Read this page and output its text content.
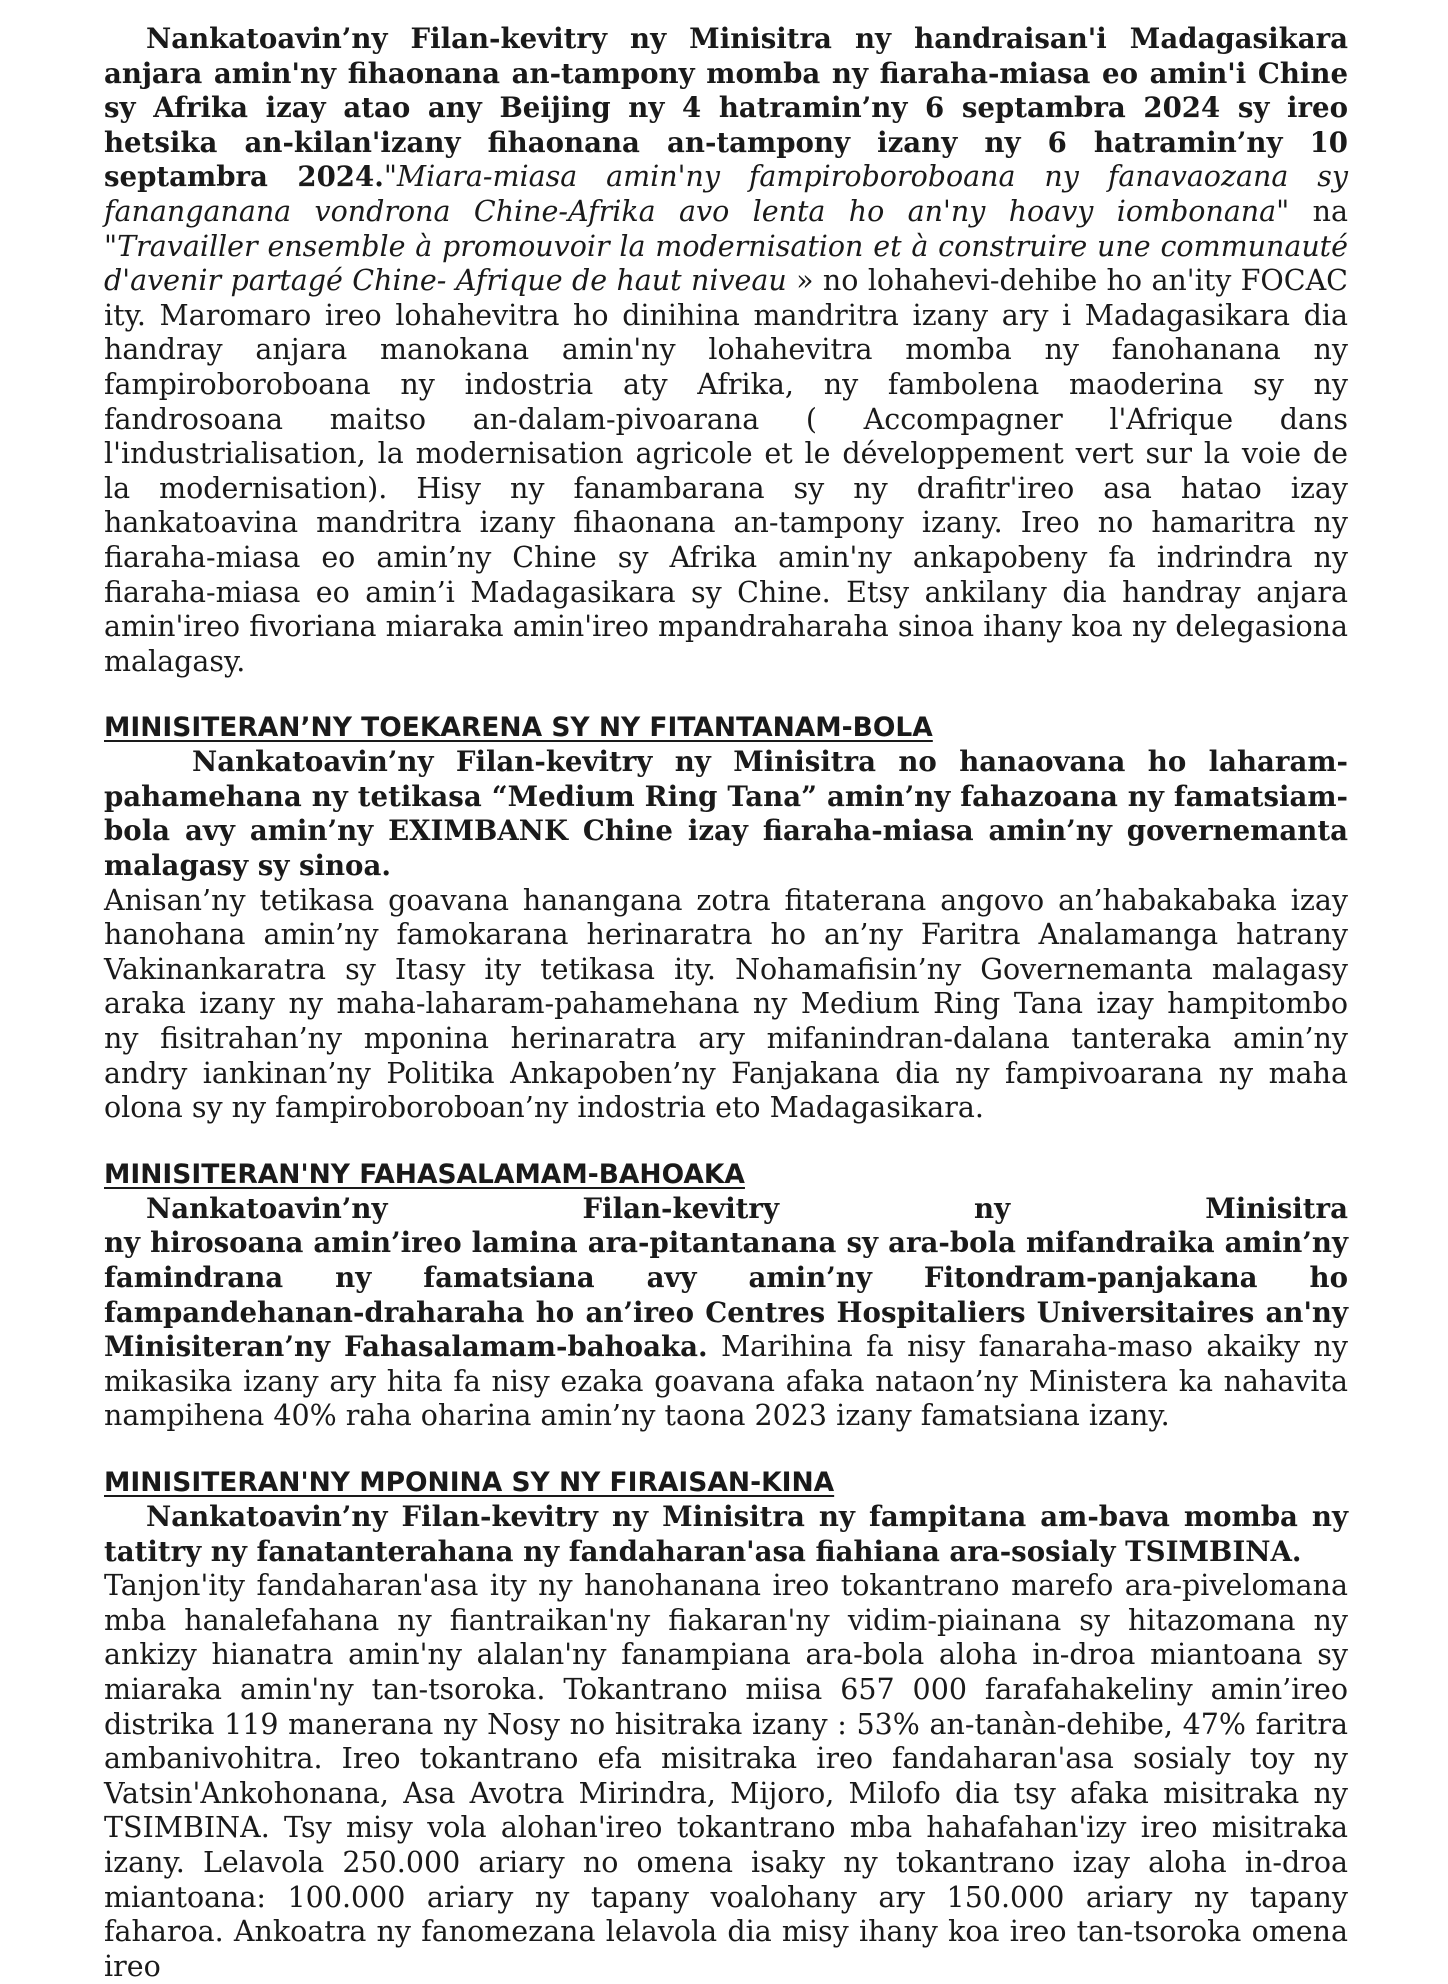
Nankatoavin’ny Filan-kevitry ny Minisitra ny handraisan'i Madagasikara anjara amin'ny fihaonana an-tampony momba ny fiaraha-miasa eo amin'i Chine sy Afrika izay atao any Beijing ny 4 hatramin’ny 6 septambra 2024 sy ireo hetsika an-kilan'izany fihaonana an-tampony izany ny 6 hatramin’ny 10 septambra 2024."Miara-miasa amin'ny fampiroboroboana ny fanavaozana sy fananganana vondrona Chine-Afrika avo lenta ho an'ny hoavy iombonana" na "Travailler ensemble à promouvoir la modernisation et à construire une communauté d'avenir partagé Chine- Afrique de haut niveau » no lohahevi-dehibe ho an'ity FOCAC ity. Maromaro ireo lohahevitra ho dinihina mandritra izany ary i Madagasikara dia handray anjara manokana amin'ny lohahevitra momba ny fanohanana ny fampiroboroboana ny indostria aty Afrika, ny fambolena maoderina sy ny fandrosoana maitso an-dalam-pivoarana ( Accompagner l'Afrique dans l'industrialisation, la modernisation agricole et le développement vert sur la voie de la modernisation). Hisy ny fanambarana sy ny drafitr'ireo asa hatao izay hankatoavina mandritra izany fihaonana an-tampony izany. Ireo no hamaritra ny fiaraha-miasa eo amin’ny Chine sy Afrika amin'ny ankapobeny fa indrindra ny fiaraha-miasa eo amin’i Madagasikara sy Chine. Etsy ankilany dia handray anjara amin'ireo fivoriana miaraka amin'ireo mpandraharaha sinoa ihany koa ny delegasiona malagasy.

MINISITERAN’NY TOEKARENA SY NY FITANTANAM-BOLA

Nankatoavin’ny Filan-kevitry ny Minisitra no hanaovana ho laharam-pahamehana ny tetikasa “Medium Ring Tana” amin’ny fahazoana ny famatsiam-bola avy amin’ny EXIMBANK Chine izay fiaraha-miasa amin’ny governemanta malagasy sy sinoa.

Anisan’ny tetikasa goavana hanangana zotra fitaterana angovo an’habakabaka izay hanohana amin’ny famokarana herinaratra ho an’ny Faritra Analamanga hatrany Vakinankaratra sy Itasy ity tetikasa ity. Nohamafisin’ny Governemanta malagasy araka izany ny maha-laharam-pahamehana ny Medium Ring Tana izay hampitombo ny fisitrahan’ny mponina herinaratra ary mifanindran-dalana tanteraka amin’ny andry iankinan’ny Politika Ankapoben’ny Fanjakana dia ny fampivoarana ny maha olona sy ny fampiroboroboan’ny indostria eto Madagasikara.

MINISITERAN'NY FAHASALAMAM-BAHOAKA
Nankatoavin’ny	Filan-kevitry	ny	Minisitra

ny hirosoana amin’ireo lamina ara-pitantanana sy ara-bola mifandraika amin’ny famindrana ny famatsiana avy amin’ny Fitondram-panjakana ho fampandehanan-draharaha ho an’ireo Centres Hospitaliers Universitaires an'ny Minisiteran’ny Fahasalamam-bahoaka. Marihina fa nisy fanaraha-maso akaiky ny mikasika izany ary hita fa nisy ezaka goavana afaka nataon’ny Ministera ka nahavita nampihena 40% raha oharina amin’ny taona 2023 izany famatsiana izany.

MINISITERAN'NY MPONINA SY NY FIRAISAN-KINA

Nankatoavin’ny Filan-kevitry ny Minisitra ny fampitana am-bava momba ny tatitry ny fanatanterahana ny fandaharan'asa fiahiana ara-sosialy TSIMBINA.

Tanjon'ity fandaharan'asa ity ny hanohanana ireo tokantrano marefo ara-pivelomana mba hanalefahana ny fiantraikan'ny fiakaran'ny vidim-piainana sy hitazomana ny ankizy hianatra amin'ny alalan'ny fanampiana ara-bola aloha in-droa miantoana sy miaraka amin'ny tan-tsoroka. Tokantrano miisa 657 000 farafahakeliny amin’ireo distrika 119 manerana ny Nosy no hisitraka izany : 53% an-tanàn-dehibe, 47% faritra ambanivohitra. Ireo tokantrano efa misitraka ireo fandaharan'asa sosialy toy ny Vatsin'Ankohonana, Asa Avotra Mirindra, Mijoro, Milofo dia tsy afaka misitraka ny TSIMBINA. Tsy misy vola alohan'ireo tokantrano mba hahafahan'izy ireo misitraka izany. Lelavola 250.000 ariary no omena isaky ny tokantrano izay aloha in-droa miantoana: 100.000 ariary ny tapany voalohany ary 150.000 ariary ny tapany faharoa. Ankoatra ny fanomezana lelavola dia misy ihany koa ireo tan-tsoroka omena ireo
